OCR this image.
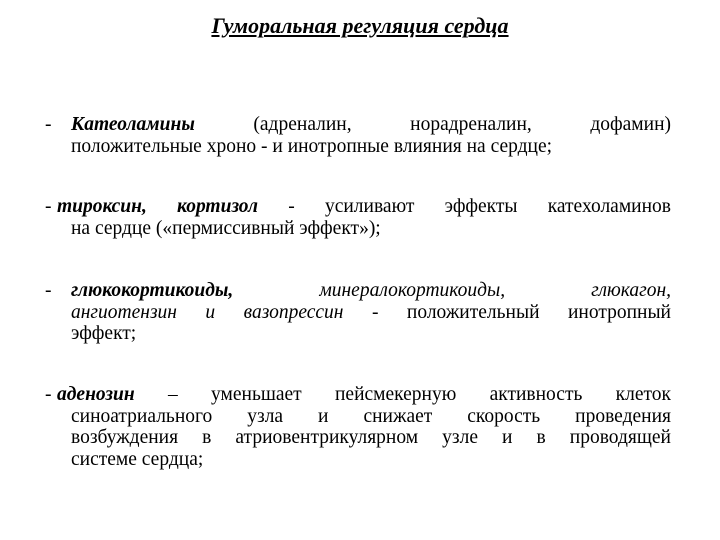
Гуморальная регуляция сердца
- Катеоламины	(адреналин, норадреналин, дофамин)
положительные хроно - и инотропные влияния на сердце;
- тироксин, кортизол - усиливают эффекты катехоламинов
на сердце («пермиссивный эффект»);
- глюкокортикоиды,	минералокортикоиды, глюкагон,
ангиотензин и вазопрессин - положительный инотропный
эффект;
- аденозин – уменьшает пейсмекерную активность клеток
синоатриального узла и снижает скорость проведения
возбуждения в атриовентрикулярном узле и в проводящей
системе сердца;
